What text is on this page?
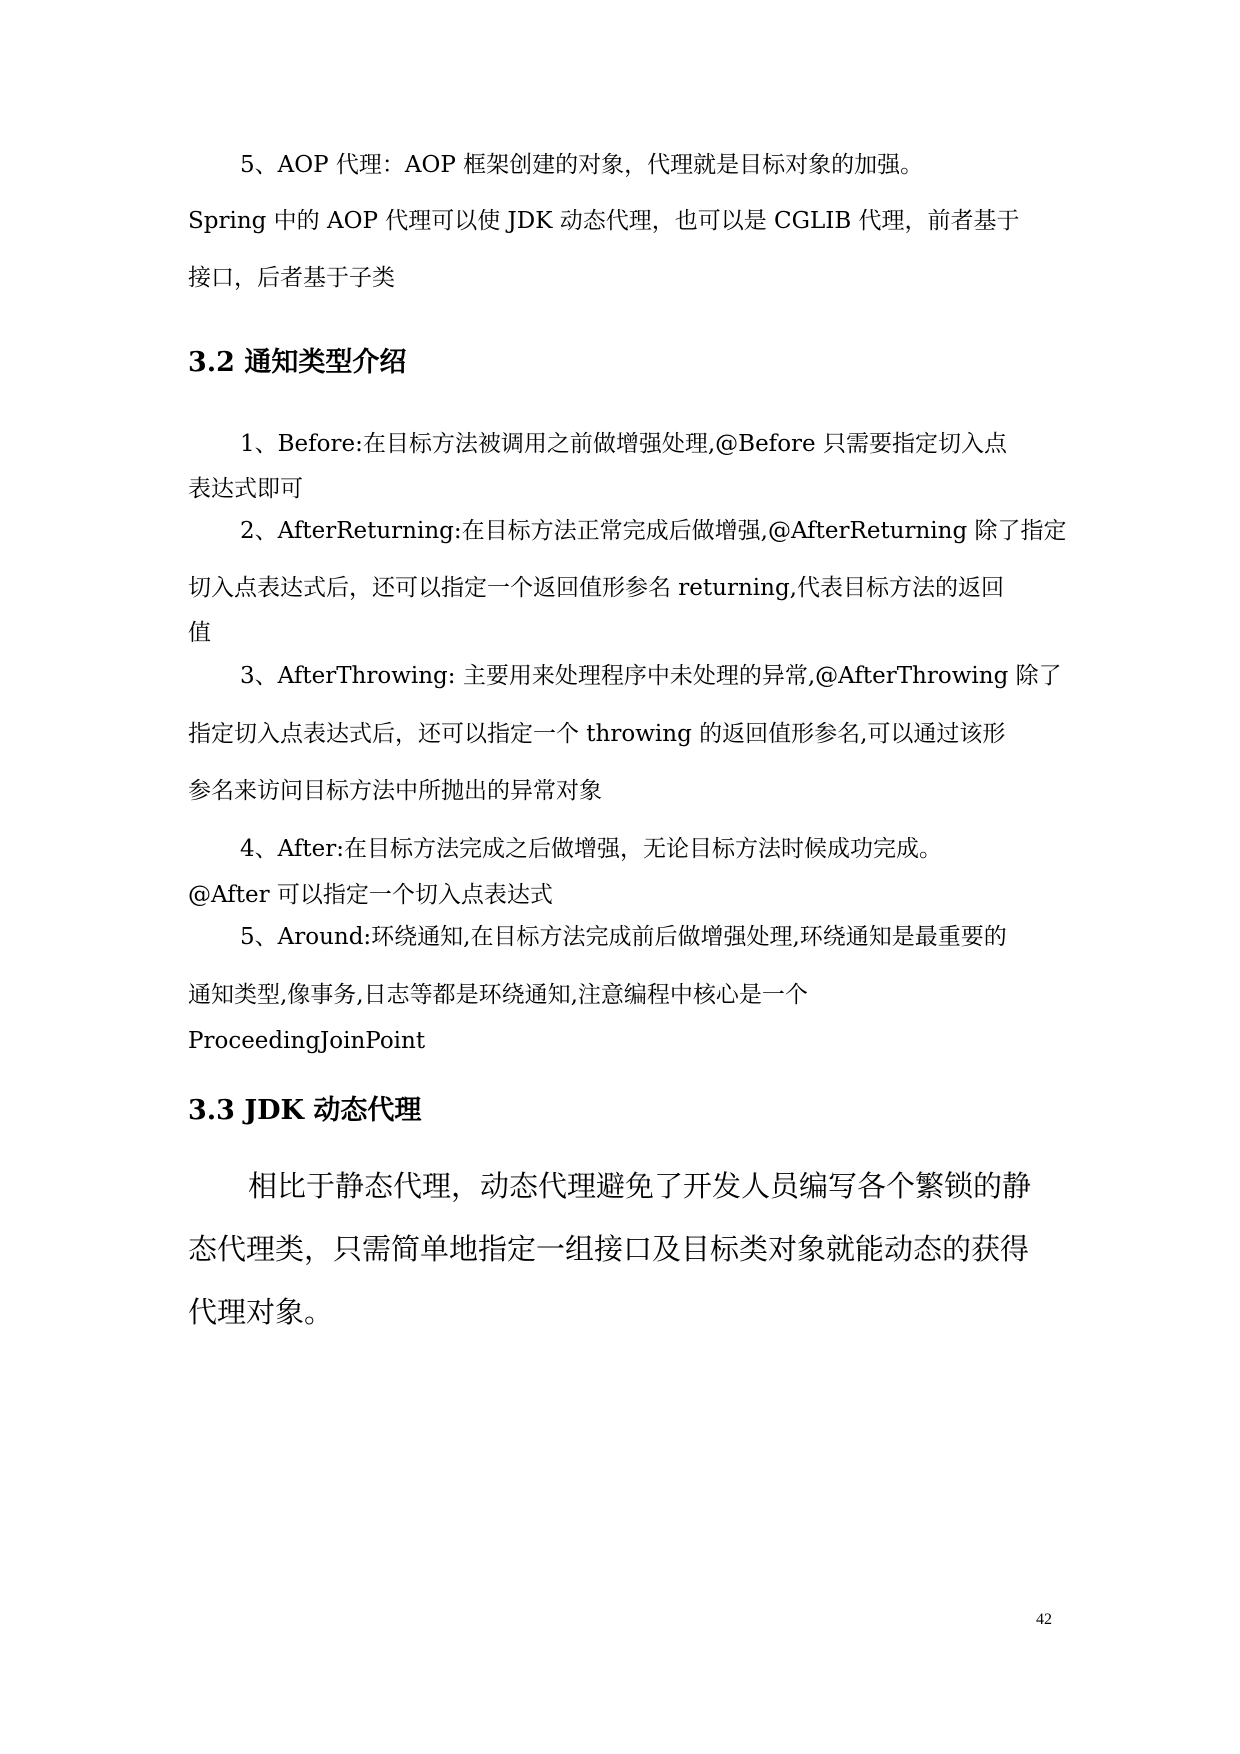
5、AOP 代理：AOP 框架创建的对象，代理就是目标对象的加强。

Spring 中的 AOP 代理可以使 JDK 动态代理，也可以是 CGLIB 代理，前者基于

接口，后者基于子类

3.2 通知类型介绍

1、Before:在目标方法被调用之前做增强处理,@Before 只需要指定切入点

表达式即可

2、AfterReturning:在目标方法正常完成后做增强,@AfterReturning 除了指定

切入点表达式后，还可以指定一个返回值形参名 returning,代表目标方法的返回

值

3、AfterThrowing: 主要用来处理程序中未处理的异常,@AfterThrowing 除了

指定切入点表达式后，还可以指定一个 throwing 的返回值形参名,可以通过该形

参名来访问目标方法中所抛出的异常对象

4、After:在目标方法完成之后做增强，无论目标方法时候成功完成。

@After 可以指定一个切入点表达式

5、Around:环绕通知,在目标方法完成前后做增强处理,环绕通知是最重要的

通知类型,像事务,日志等都是环绕通知,注意编程中核心是一个

ProceedingJoinPoint

3.3 JDK 动态代理

相比于静态代理，动态代理避免了开发人员编写各个繁锁的静

态代理类，只需简单地指定一组接口及目标类对象就能动态的获得

代理对象。

42
